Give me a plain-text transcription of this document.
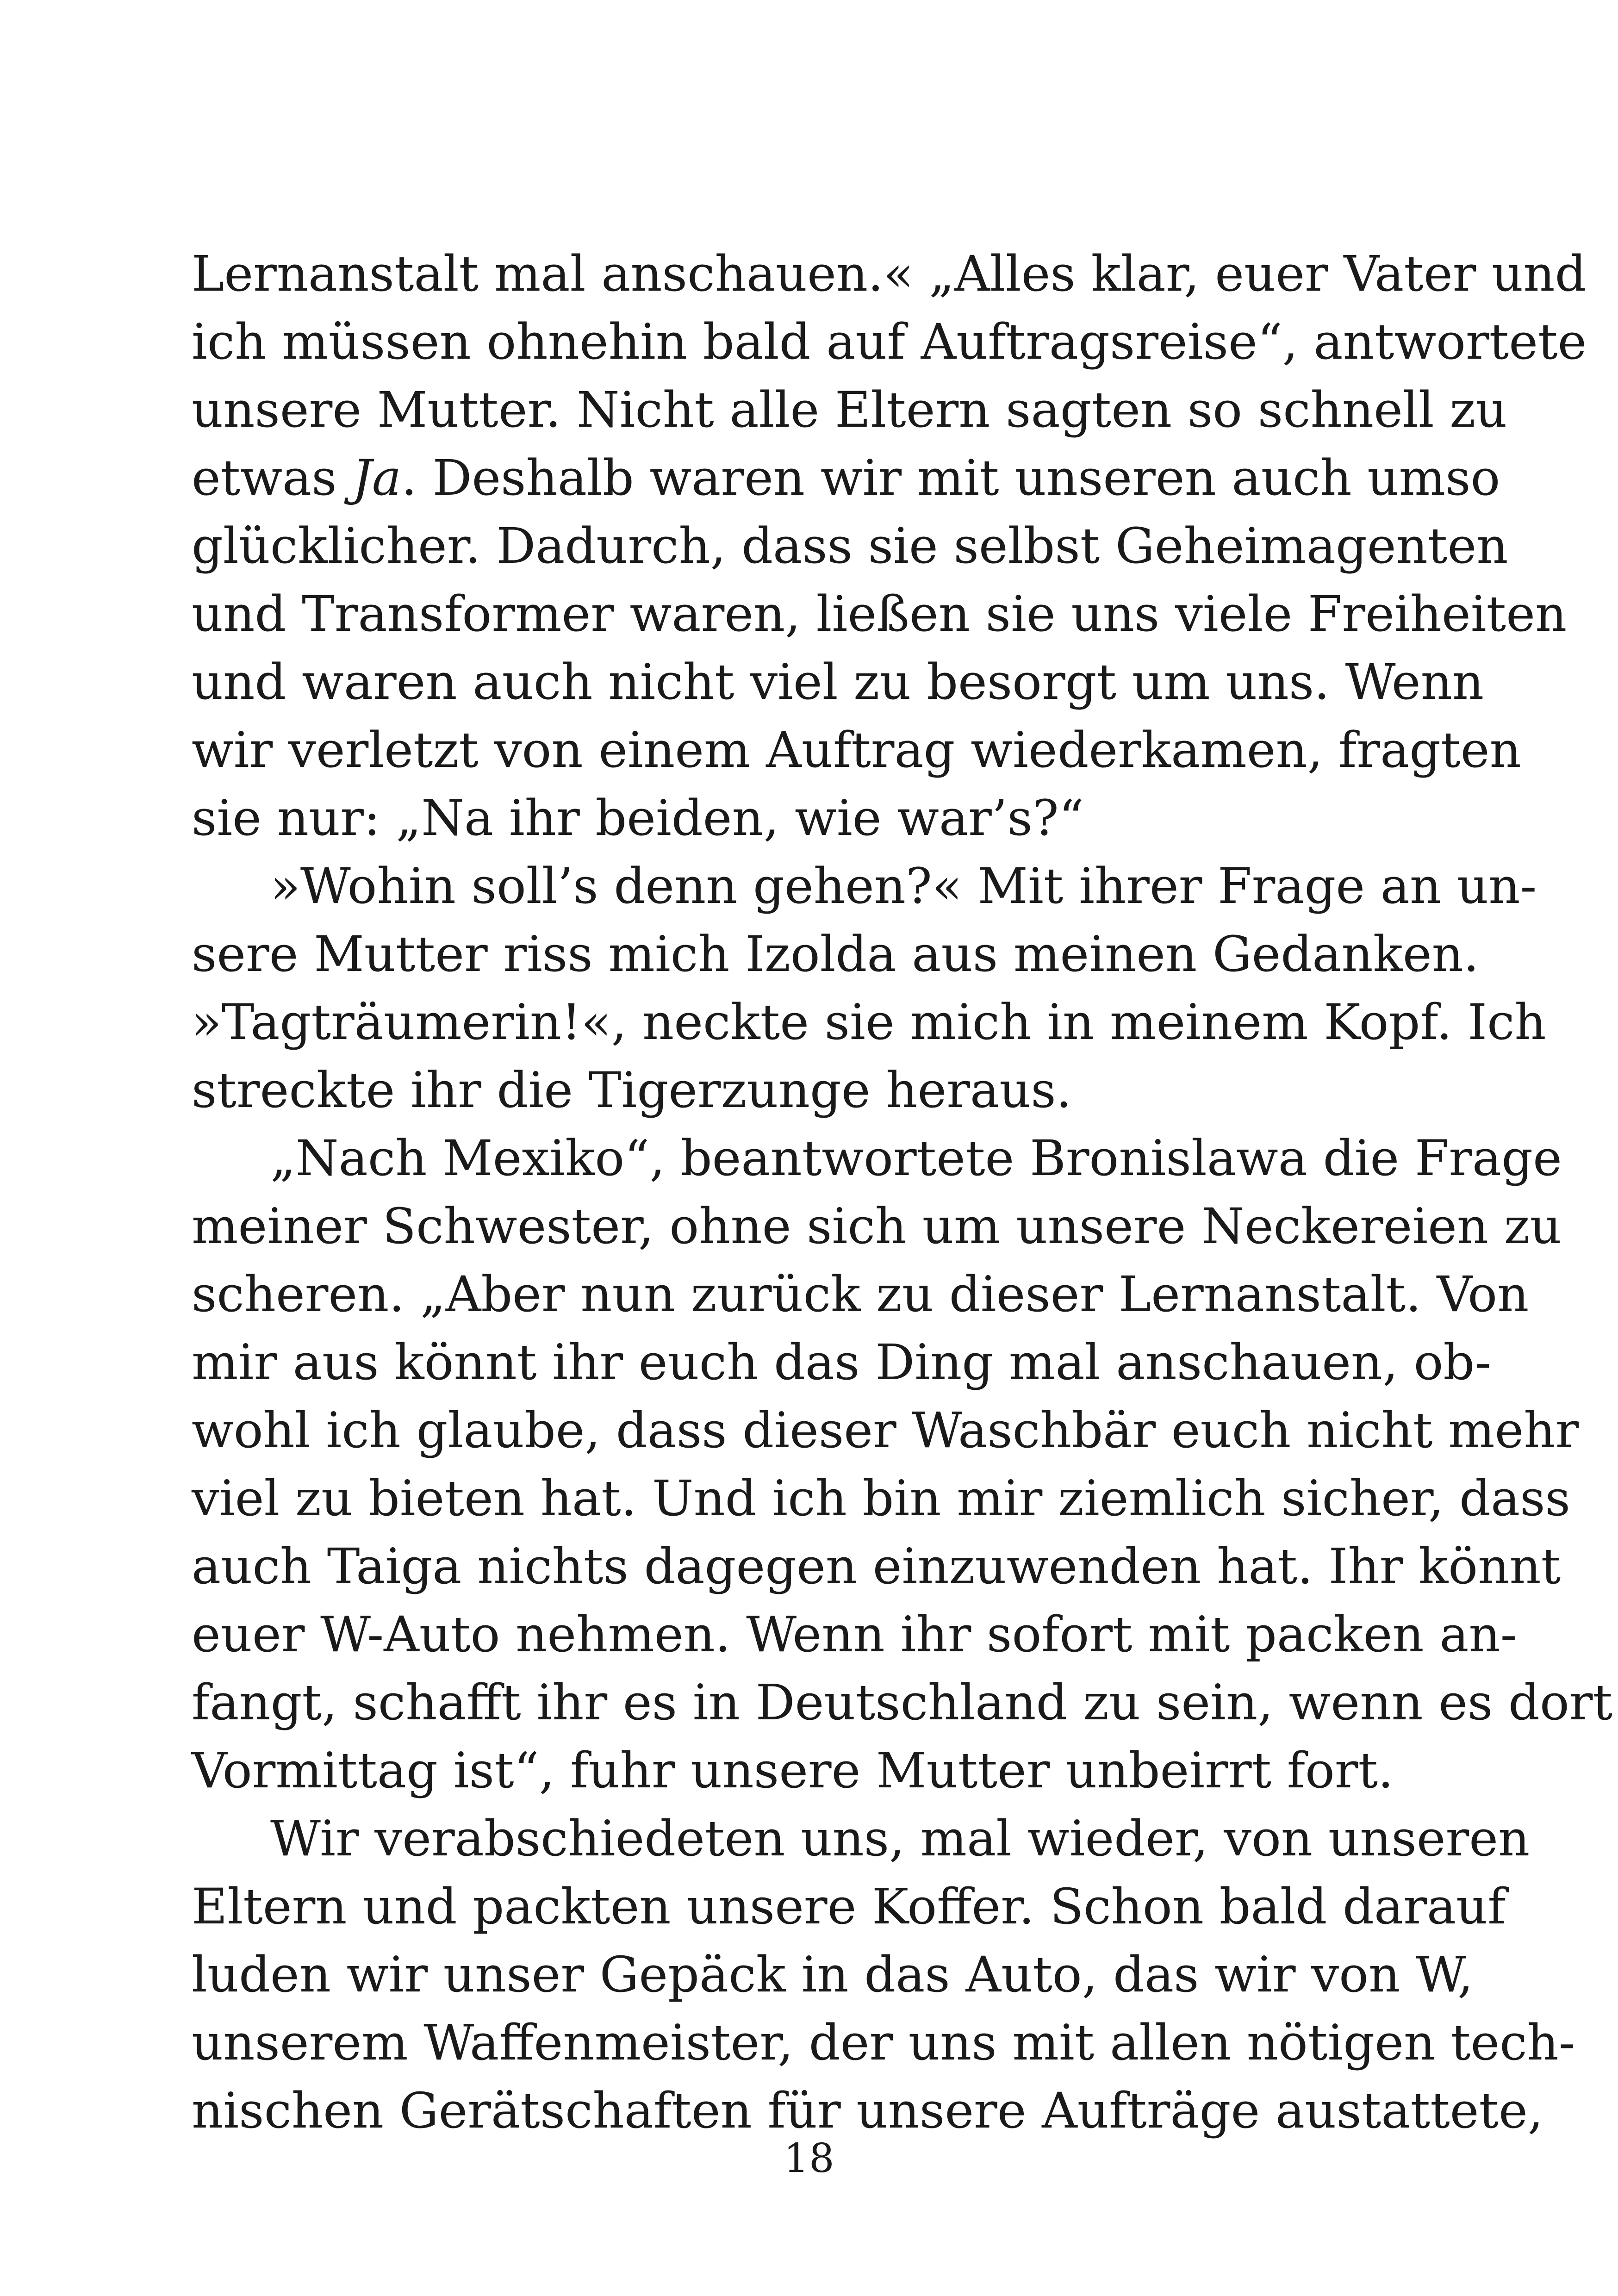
Lernanstalt mal anschauen.« „Alles klar, euer Vater und
ich müssen ohnehin bald auf Auftragsreise“, antwortete
unsere Mutter. Nicht alle Eltern sagten so schnell zu
etwas Ja. Deshalb waren wir mit unseren auch umso
glücklicher. Dadurch, dass sie selbst Geheimagenten
und Transformer waren, ließen sie uns viele Freiheiten
und waren auch nicht viel zu besorgt um uns. Wenn
wir verletzt von einem Auftrag wiederkamen, fragten
sie nur: „Na ihr beiden, wie war’s?“
»Wohin soll’s denn gehen?« Mit ihrer Frage an un-
sere Mutter riss mich Izolda aus meinen Gedanken.
»Tagträumerin!«, neckte sie mich in meinem Kopf. Ich
streckte ihr die Tigerzunge heraus.
„Nach Mexiko“, beantwortete Bronislawa die Frage
meiner Schwester, ohne sich um unsere Neckereien zu
scheren. „Aber nun zurück zu dieser Lernanstalt. Von
mir aus könnt ihr euch das Ding mal anschauen, ob-
wohl ich glaube, dass dieser Waschbär euch nicht mehr
viel zu bieten hat. Und ich bin mir ziemlich sicher, dass
auch Taiga nichts dagegen einzuwenden hat. Ihr könnt
euer W-Auto nehmen. Wenn ihr sofort mit packen an-
fangt, schafft ihr es in Deutschland zu sein, wenn es dort
Vormittag ist“, fuhr unsere Mutter unbeirrt fort.
Wir verabschiedeten uns, mal wieder, von unseren
Eltern und packten unsere Koffer. Schon bald darauf
luden wir unser Gepäck in das Auto, das wir von W,
unserem Waffenmeister, der uns mit allen nötigen tech-
nischen Gerätschaften für unsere Aufträge austattete,
18
